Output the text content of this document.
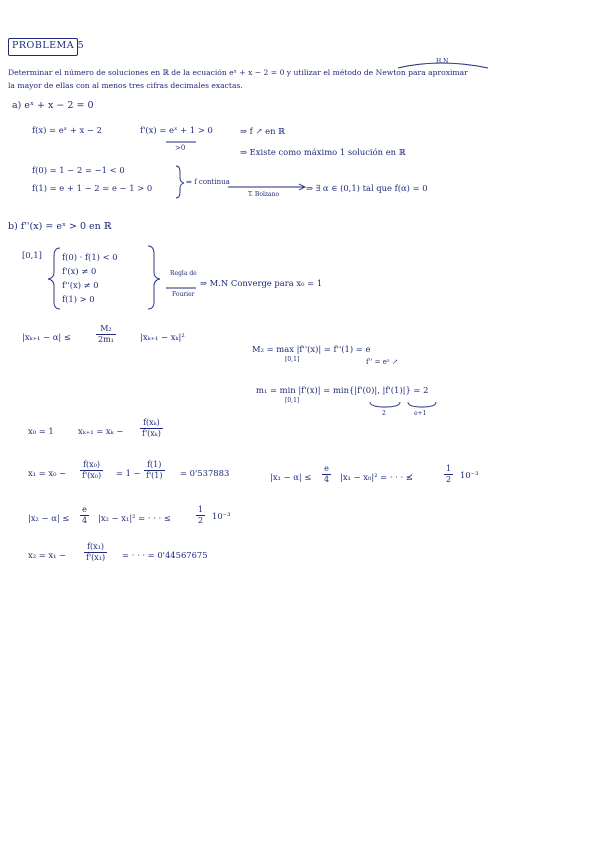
PROBLEMA 5
H.N
Determinar el número de soluciones en ℝ de la ecuación eˣ + x − 2 = 0 y utilizar el método de Newton para aproximar
la mayor de ellas con al menos tres cifras decimales exactas.
a) eˣ + x − 2 = 0
f(x) = eˣ + x − 2	f'(x) = eˣ + 1 > 0
>0
⇒ f ↗ en ℝ
⇒ Existe como máximo 1 solución en ℝ
f(0) = 1 − 2 = −1 < 0
f(1) = e + 1 − 2 = e − 1 > 0
⇒ f continua
T. Bolzano
⇒ ∃ α ∈ (0,1) tal que f(α) = 0
b) f''(x) = eˣ > 0 en ℝ
[0,1] f(0) · f(1) < 0
f'(x) ≠ 0
f''(x) ≠ 0
f(1) > 0
Regla de
Fourier
⇒ M.N Converge para x₀ = 1
|xₖ₊₁ − α| ≤	$\frac{\text{M₂}}{\text{2m₁}}$	|xₖ₊₁ − xₖ|²
M₂ = max |f''(x)| = f''(1) = e
[0,1]	f'' = eˣ ↗
m₁ = min |f'(x)| = min{|f'(0)|, |f'(1)|} = 2
[0,1]
2	e+1
x₀ = 1	$x_{k+1} = x_k - \frac{\text{f(xₖ)}}{\text{f'(xₖ)}}$
$x_1 = x_0 - \frac{\text{f(x₀)}}{\text{f'(x₀)}} = 1 - \frac{f(1)}{f'(1)} = 0'537883$	$|x_1 - \alpha| \le \frac{e}{4} |x_1 - x_0|^2$ = · · · ≰	$\frac{1}{2} 10^{-3}$
$|x_2 - \alpha| \le \frac{e}{4} |x_2 - x_1|^2$ = · · · ≤	$\frac{1}{2} 10^{-3}$
$x_2 = x_1 - \frac{\text{f(x₁)}}{\text{f'(x₁)}}$ = · · · = 0'44567675
